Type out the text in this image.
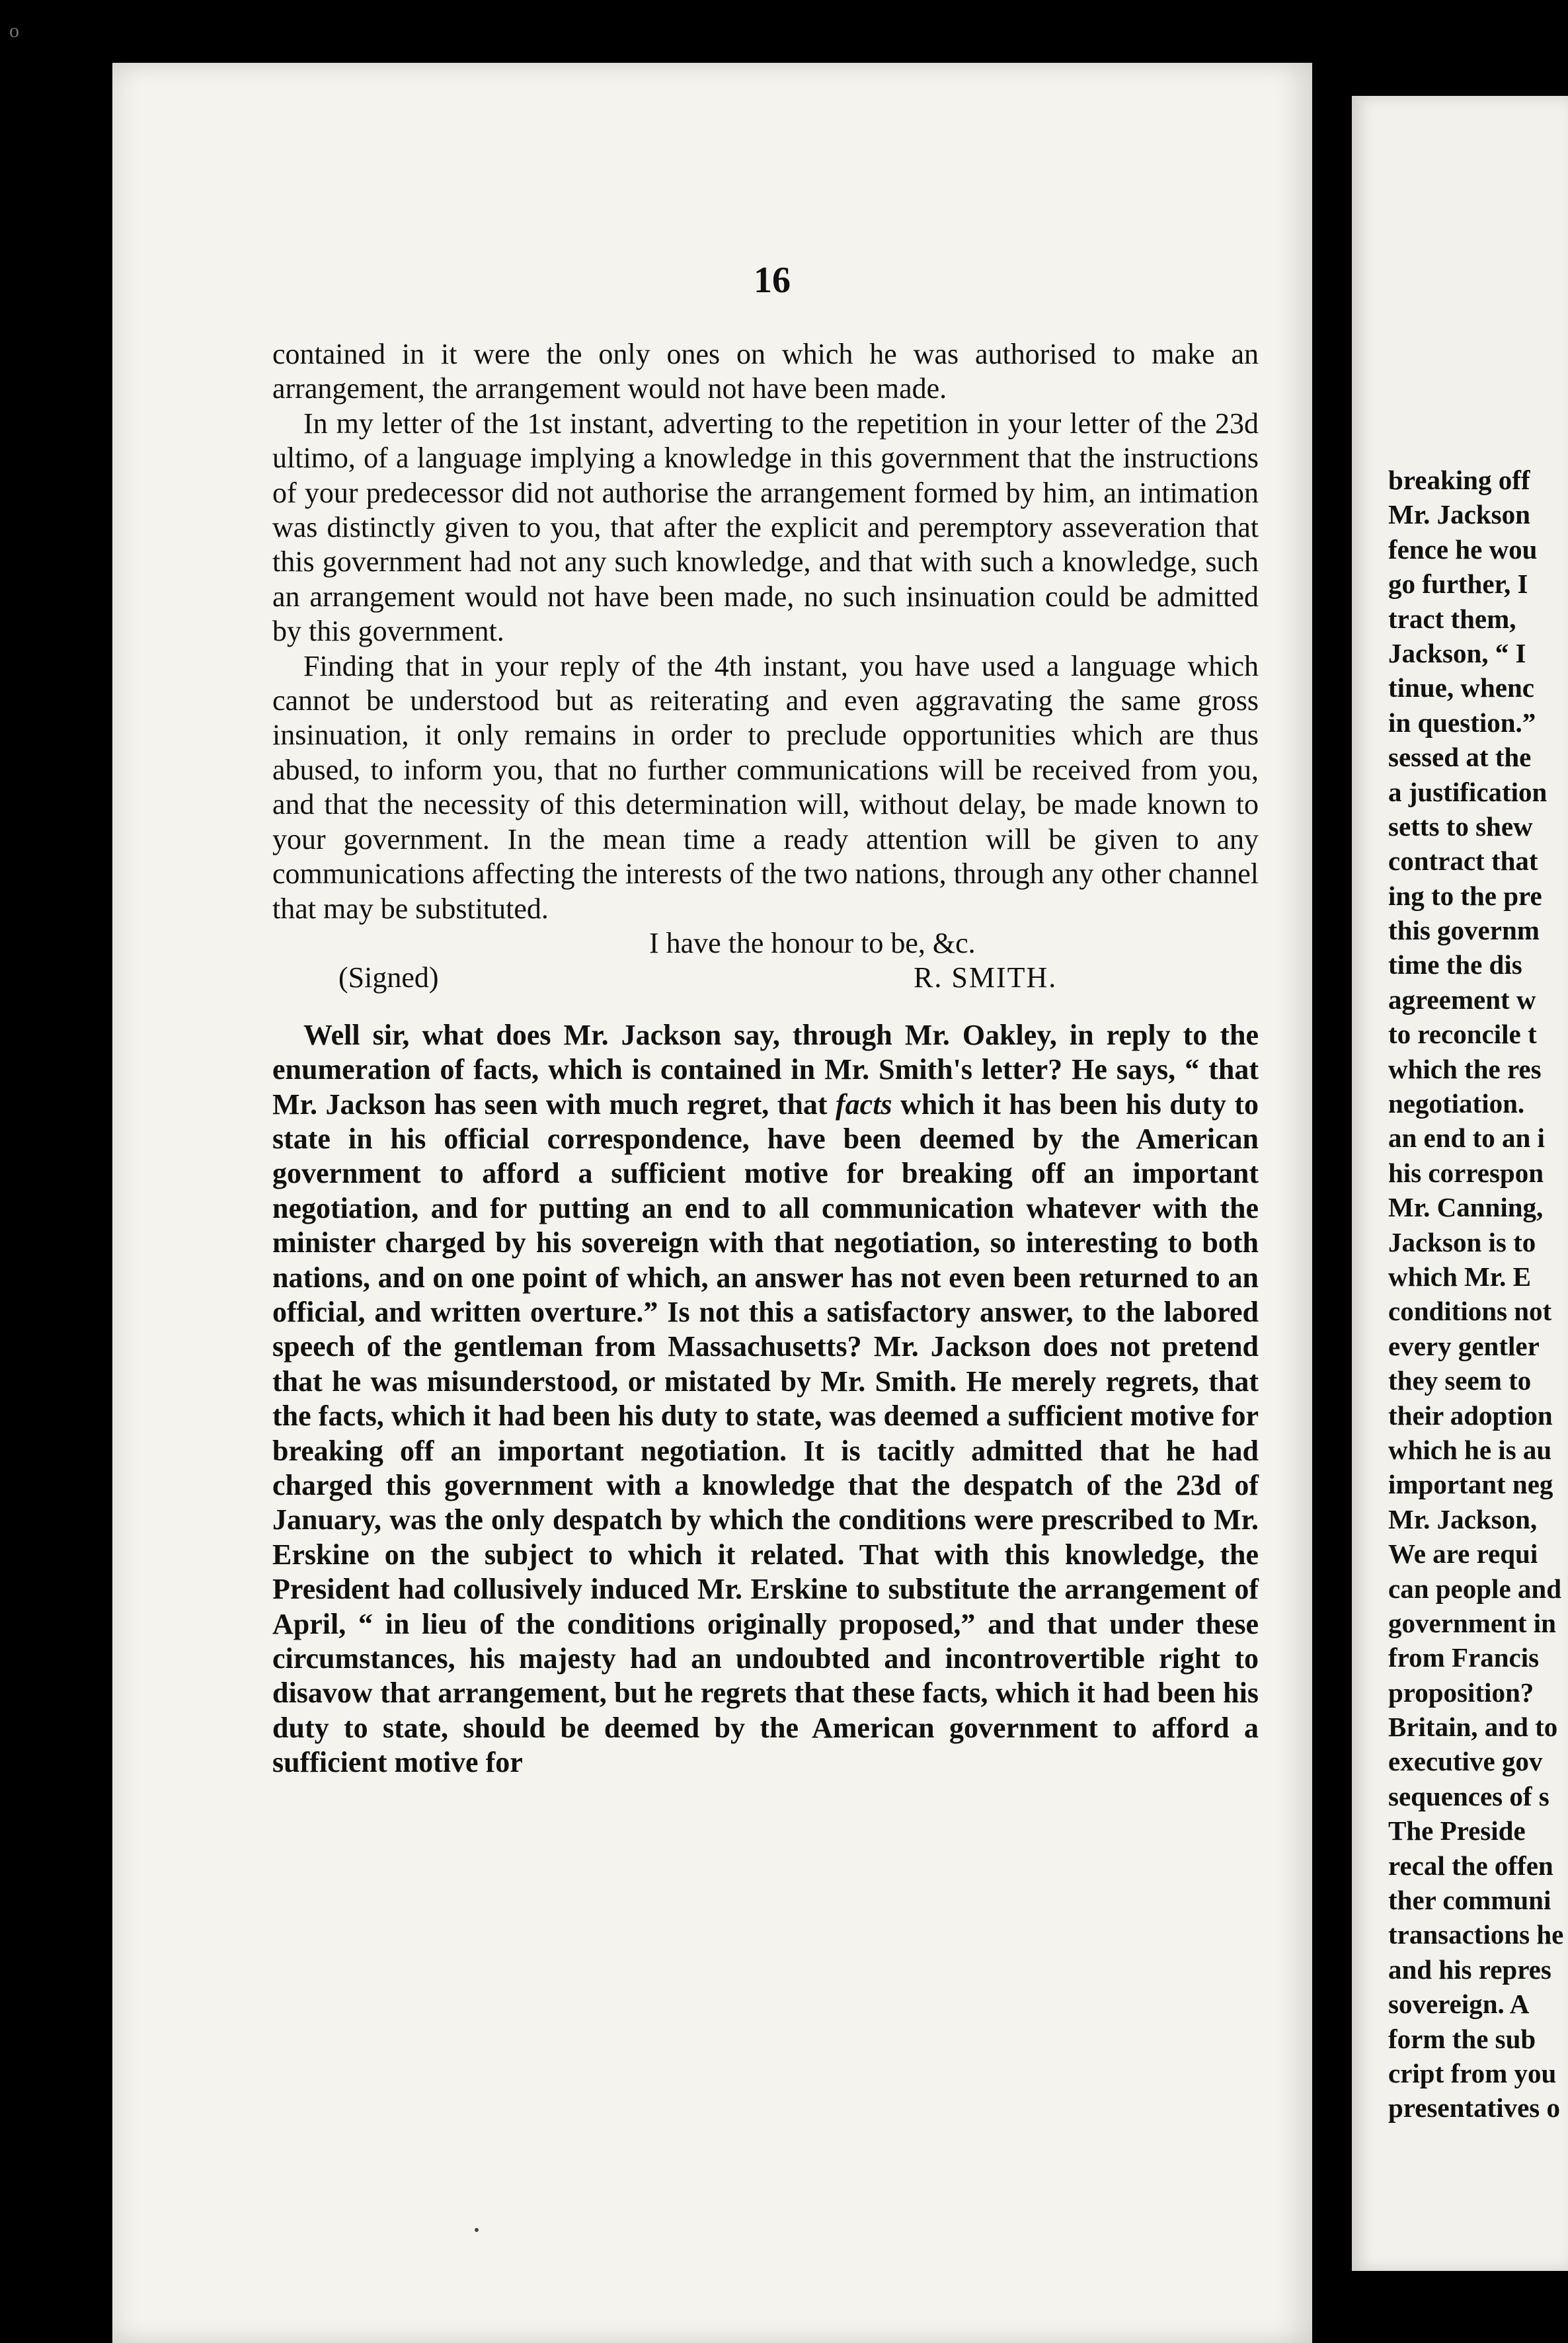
16

contained in it were the only ones on which he was authorised to make an arrangement, the arrangement would not have been made.

In my letter of the 1st instant, adverting to the repetition in your letter of the 23d ultimo, of a language implying a knowledge in this government that the instructions of your predecessor did not authorise the arrangement formed by him, an intimation was distinctly given to you, that after the explicit and peremptory asseveration that this government had not any such knowledge, and that with such a knowledge, such an arrangement would not have been made, no such insinuation could be admitted by this government.

Finding that in your reply of the 4th instant, you have used a language which cannot be understood but as reiterating and even aggravating the same gross insinuation, it only remains in order to preclude opportunities which are thus abused, to inform you, that no further communications will be received from you, and that the necessity of this determination will, without delay, be made known to your government. In the mean time a ready attention will be given to any communications affecting the interests of the two nations, through any other channel that may be substituted.

I have the honour to be, &c.
(Signed)	R. SMITH.

Well sir, what does Mr. Jackson say, through Mr. Oakley, in reply to the enumeration of facts, which is contained in Mr. Smith's letter? He says, “ that Mr. Jackson has seen with much regret, that facts which it has been his duty to state in his official correspondence, have been deemed by the American government to afford a sufficient motive for breaking off an important negotiation, and for putting an end to all communication whatever with the minister charged by his sovereign with that negotiation, so interesting to both nations, and on one point of which, an answer has not even been returned to an official, and written overture.” Is not this a satisfactory answer, to the labored speech of the gentleman from Massachusetts? Mr. Jackson does not pretend that he was misunderstood, or mistated by Mr. Smith. He merely regrets, that the facts, which it had been his duty to state, was deemed a sufficient motive for breaking off an important negotiation. It is tacitly admitted that he had charged this government with a knowledge that the despatch of the 23d of January, was the only despatch by which the conditions were prescribed to Mr. Erskine on the subject to which it related. That with this knowledge, the President had collusively induced Mr. Erskine to substitute the arrangement of April, “ in lieu of the conditions originally proposed,” and that under these circumstances, his majesty had an undoubted and incontrovertible right to disavow that arrangement, but he regrets that these facts, which it had been his duty to state, should be deemed by the American government to afford a sufficient motive for

breaking off
Mr. Jackson
fence he wou
go further, I
tract them,
Jackson, “ I
tinue, whenc
in question.”
sessed at the
a justification
setts to shew
contract that
ing to the pre
this governm
time the dis
agreement w
to reconcile t
which the res
negotiation.
an end to an i
his correspon
Mr. Canning,
Jackson is to
which Mr. E
conditions not
every gentler
they seem to
their adoption
which he is au
important neg
Mr. Jackson,
We are requi
can people and
government in
from Francis
proposition?
Britain, and to
executive gov
sequences of s
The Preside
recal the offen
ther communi
transactions he
and his repres
sovereign. A
form the sub
cript from you
presentatives o
o
